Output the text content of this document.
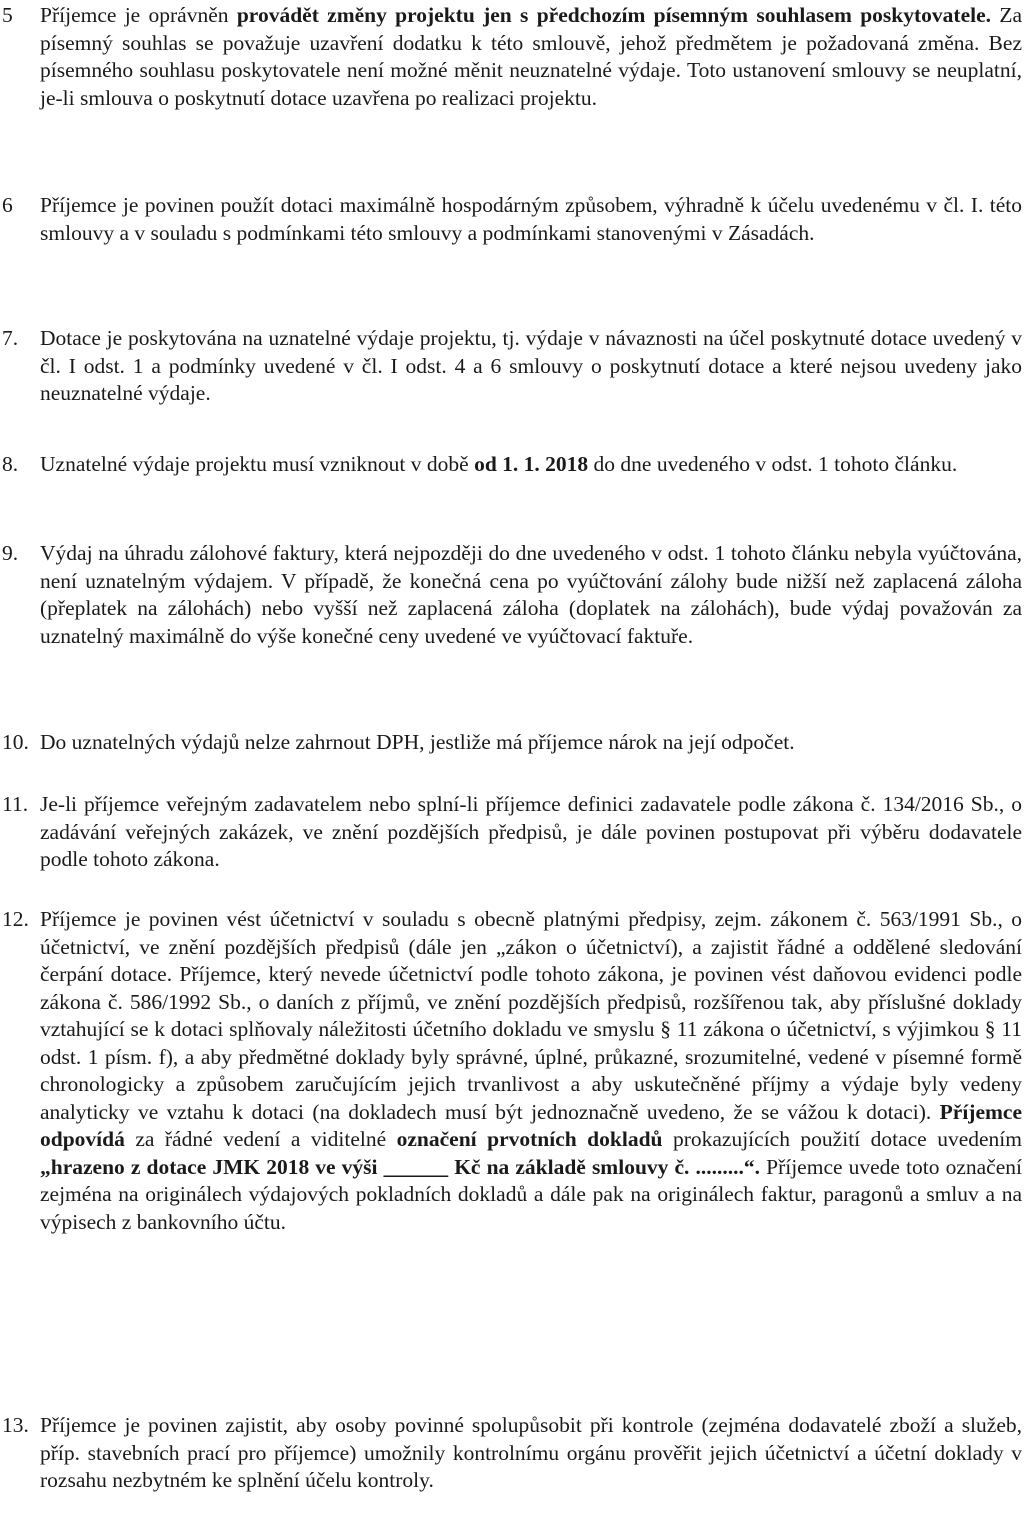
5	Příjemce je oprávněn provádět změny projektu jen s předchozím písemným souhlasem poskytovatele. Za písemný souhlas se považuje uzavření dodatku k této smlouvě, jehož předmětem je požadovaná změna. Bez písemného souhlasu poskytovatele není možné měnit neuznatelné výdaje. Toto ustanovení smlouvy se neuplatní, je-li smlouva o poskytnutí dotace uzavřena po realizaci projektu.

6	Příjemce je povinen použít dotaci maximálně hospodárným způsobem, výhradně k účelu uvedenému v čl. I. této smlouvy a v souladu s podmínkami této smlouvy a podmínkami stanovenými v Zásadách.

7.	Dotace je poskytována na uznatelné výdaje projektu, tj. výdaje v návaznosti na účel poskytnuté dotace uvedený v čl. I odst. 1 a podmínky uvedené v čl. I odst. 4 a 6 smlouvy o poskytnutí dotace a které nejsou uvedeny jako neuznatelné výdaje.

8.	Uznatelné výdaje projektu musí vzniknout v době od 1. 1. 2018 do dne uvedeného v odst. 1 tohoto článku.

9.	Výdaj na úhradu zálohové faktury, která nejpozději do dne uvedeného v odst. 1 tohoto článku nebyla vyúčtována, není uznatelným výdajem. V případě, že konečná cena po vyúčtování zálohy bude nižší než zaplacená záloha (přeplatek na zálohách) nebo vyšší než zaplacená záloha (doplatek na zálohách), bude výdaj považován za uznatelný maximálně do výše konečné ceny uvedené ve vyúčtovací faktuře.

10. Do uznatelných výdajů nelze zahrnout DPH, jestliže má příjemce nárok na její odpočet.

11. Je-li příjemce veřejným zadavatelem nebo splní-li příjemce definici zadavatele podle zákona č. 134/2016 Sb., o zadávání veřejných zakázek, ve znění pozdějších předpisů, je dále povinen postupovat při výběru dodavatele podle tohoto zákona.

12. Příjemce je povinen vést účetnictví v souladu s obecně platnými předpisy, zejm. zákonem č. 563/1991 Sb., o účetnictví, ve znění pozdějších předpisů (dále jen „zákon o účetnictví), a zajistit řádné a oddělené sledování čerpání dotace. Příjemce, který nevede účetnictví podle tohoto zákona, je povinen vést daňovou evidenci podle zákona č. 586/1992 Sb., o daních z příjmů, ve znění pozdějších předpisů, rozšířenou tak, aby příslušné doklady vztahující se k dotaci splňovaly náležitosti účetního dokladu ve smyslu § 11 zákona o účetnictví, s výjimkou § 11 odst. 1 písm. f), a aby předmětné doklady byly správné, úplné, průkazné, srozumitelné, vedené v písemné formě chronologicky a způsobem zaručujícím jejich trvanlivost a aby uskutečněné příjmy a výdaje byly vedeny analyticky ve vztahu k dotaci (na dokladech musí být jednoznačně uvedeno, že se vážou k dotaci). Příjemce odpovídá za řádné vedení a viditelné označení prvotních dokladů prokazujících použití dotace uvedením „hrazeno z dotace JMK 2018 ve výši ______ Kč na základě smlouvy č. .........“. Příjemce uvede toto označení zejména na originálech výdajových pokladních dokladů a dále pak na originálech faktur, paragonů a smluv a na výpisech z bankovního účtu.

13. Příjemce je povinen zajistit, aby osoby povinné spolupůsobit při kontrole (zejména dodavatelé zboží a služeb, příp. stavebních prací pro příjemce) umožnily kontrolnímu orgánu prověřit jejich účetnictví a účetní doklady v rozsahu nezbytném ke splnění účelu kontroly.
